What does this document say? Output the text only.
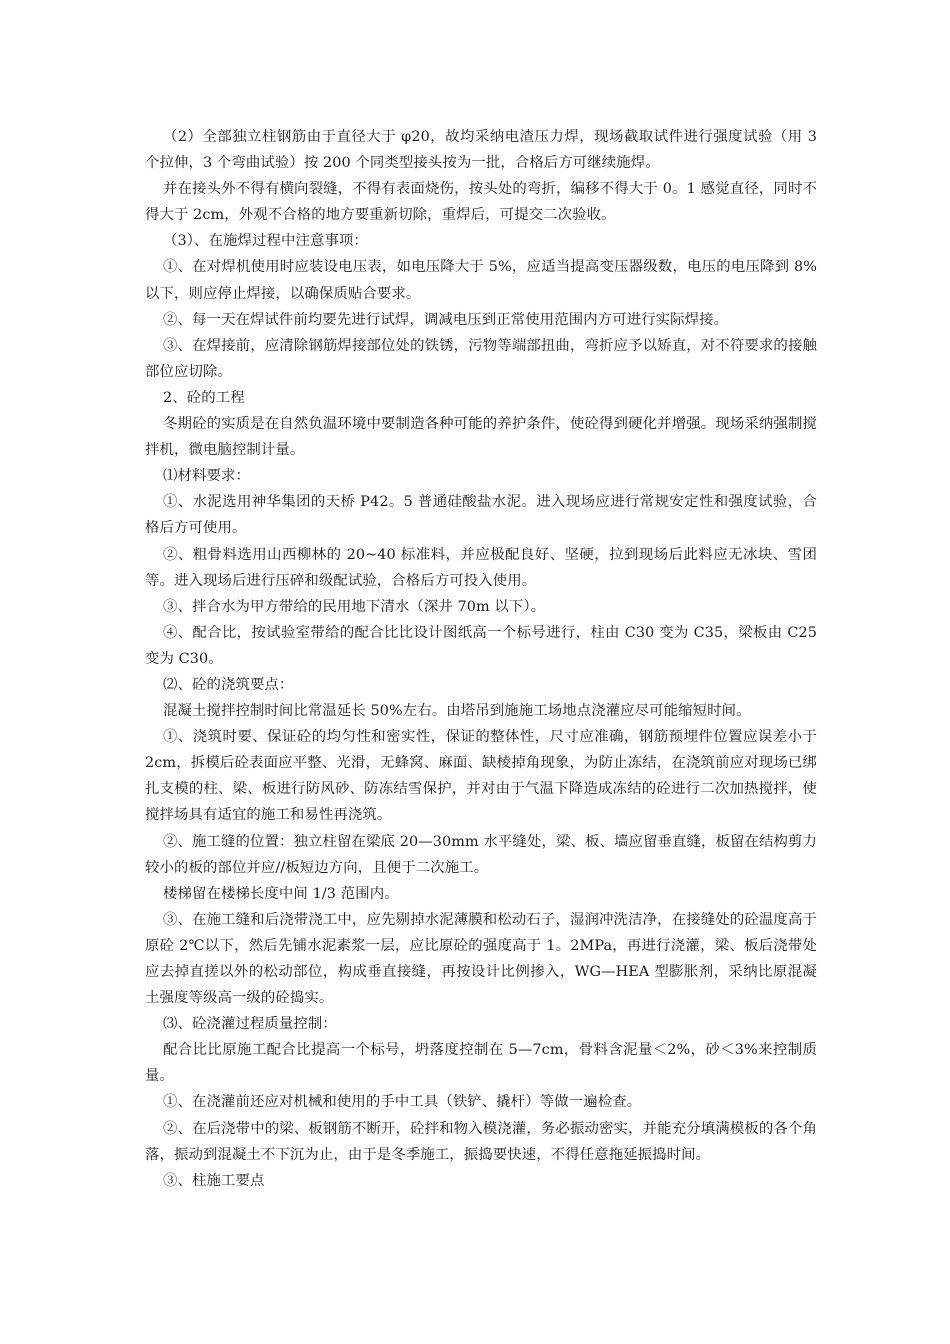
（2）全部独立柱钢筋由于直径大于 φ20，故均采纳电渣压力焊，现场截取试件进行强度试验（用 3 个拉伸，3 个弯曲试验）按 200 个同类型接头按为一批，合格后方可继续施焊。

并在接头外不得有横向裂缝，不得有表面烧伤，按头处的弯折，编移不得大于 0。1 感觉直径，同时不得大于 2cm，外观不合格的地方要重新切除，重焊后，可提交二次验收。

（3）、在施焊过程中注意事项：

①、在对焊机使用时应装设电压表，如电压降大于 5%，应适当提高变压器级数，电压的电压降到 8%以下，则应停止焊接，以确保质贴合要求。

②、每一天在焊试件前均要先进行试焊，调减电压到正常使用范围内方可进行实际焊接。

③、在焊接前，应清除钢筋焊接部位处的铁锈，污物等端部扭曲，弯折应予以矫直，对不符要求的接触部位应切除。

2、砼的工程

冬期砼的实质是在自然负温环境中要制造各种可能的养护条件，使砼得到硬化并增强。现场采纳强制搅拌机，微电脑控制计量。

⑴材料要求：

①、水泥选用神华集团的天桥 P42。5 普通硅酸盐水泥。进入现场应进行常规安定性和强度试验，合格后方可使用。

②、粗骨料选用山西柳林的 20~40 标准料，并应极配良好、坚硬，拉到现场后此料应无冰块、雪团等。进入现场后进行压碎和级配试验，合格后方可投入使用。

③、拌合水为甲方带给的民用地下清水（深井 70m 以下）。

④、配合比，按试验室带给的配合比比设计图纸高一个标号进行，柱由 C30 变为 C35，梁板由 C25 变为 C30。

⑵、砼的浇筑要点：

混凝土搅拌控制时间比常温延长 50%左右。由塔吊到施施工场地点浇灌应尽可能缩短时间。

①、浇筑时要、保证砼的均匀性和密实性，保证的整体性，尺寸应准确，钢筋预埋件位置应误差小于 2cm，拆模后砼表面应平整、光滑，无蜂窝、麻面、缺棱掉角现象，为防止冻结，在浇筑前应对现场已绑扎支模的柱、梁、板进行防风砂、防冻结雪保护，并对由于气温下降造成冻结的砼进行二次加热搅拌，使搅拌场具有适宜的施工和易性再浇筑。

②、施工缝的位置：独立柱留在梁底 20—30mm 水平缝处，梁、板、墙应留垂直缝，板留在结构剪力较小的板的部位并应//板短边方向，且便于二次施工。

楼梯留在楼梯长度中间 1/3 范围内。

③、在施工缝和后浇带浇工中，应先剔掉水泥薄膜和松动石子，湿润冲洗洁净，在接缝处的砼温度高于原砼 2℃以下，然后先铺水泥素浆一层，应比原砼的强度高于 1。2MPa，再进行浇灌，梁、板后浇带处应去掉直搓以外的松动部位，构成垂直接缝，再按设计比例掺入，WG—HEA 型膨胀剂，采纳比原混凝土强度等级高一级的砼捣实。

⑶、砼浇灌过程质量控制：

配合比比原施工配合比提高一个标号，坍落度控制在 5—7cm，骨料含泥量＜2%，砂＜3%来控制质量。

①、在浇灌前还应对机械和使用的手中工具（铁铲、撬杆）等做一遍检查。

②、在后浇带中的梁、板钢筋不断开，砼拌和物入模浇灌，务必振动密实，并能充分填满模板的各个角落，振动到混凝土不下沉为止，由于是冬季施工，振捣要快速，不得任意拖延振捣时间。

③、柱施工要点
